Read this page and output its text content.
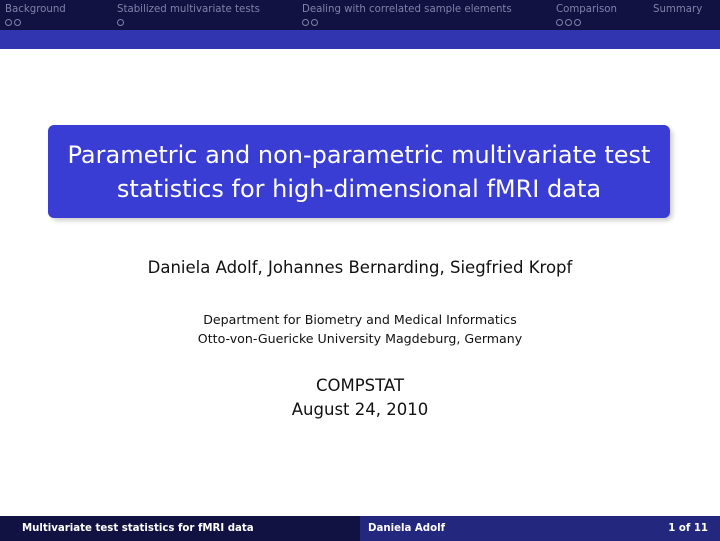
Background	Stabilized multivariate tests	Dealing with correlated sample elements	Comparison	Summary
Parametric and non-parametric multivariate test
statistics for high-dimensional fMRI data
Daniela Adolf, Johannes Bernarding, Siegfried Kropf
Department for Biometry and Medical Informatics
Otto-von-Guericke University Magdeburg, Germany
COMPSTAT
August 24, 2010
Multivariate test statistics for fMRI data	Daniela Adolf	1 of 11
